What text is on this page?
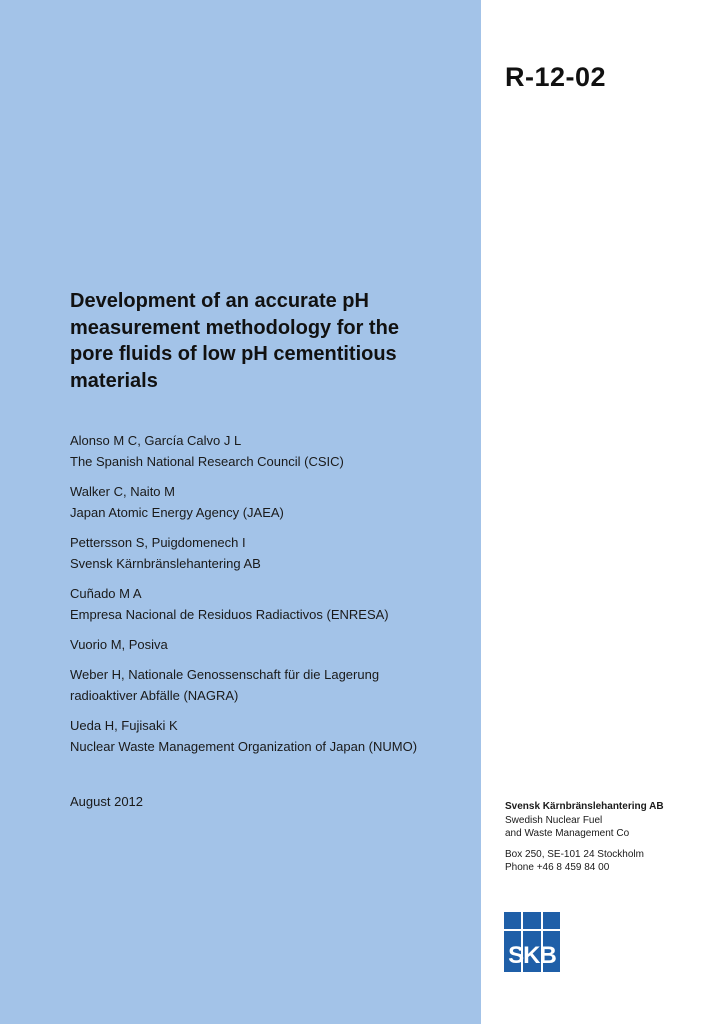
R-12-02
Development of an accurate pH
measurement methodology for the
pore fluids of low pH cementitious
materials
Alonso M C, García Calvo J L
The Spanish National Research Council (CSIC)
Walker C, Naito M
Japan Atomic Energy Agency (JAEA)
Pettersson S, Puigdomenech I
Svensk Kärnbränslehantering AB
Cuñado M A
Empresa Nacional de Residuos Radiactivos (ENRESA)
Vuorio M, Posiva
Weber H, Nationale Genossenschaft für die Lagerung
radioaktiver Abfälle (NAGRA)
Ueda H, Fujisaki K
Nuclear Waste Management Organization of Japan (NUMO)
August 2012	Svensk Kärnbränslehantering AB
Swedish Nuclear Fuel
and Waste Management Co
Box 250, SE-101 24 Stockholm
Phone +46 8 459 84 00
SKB
